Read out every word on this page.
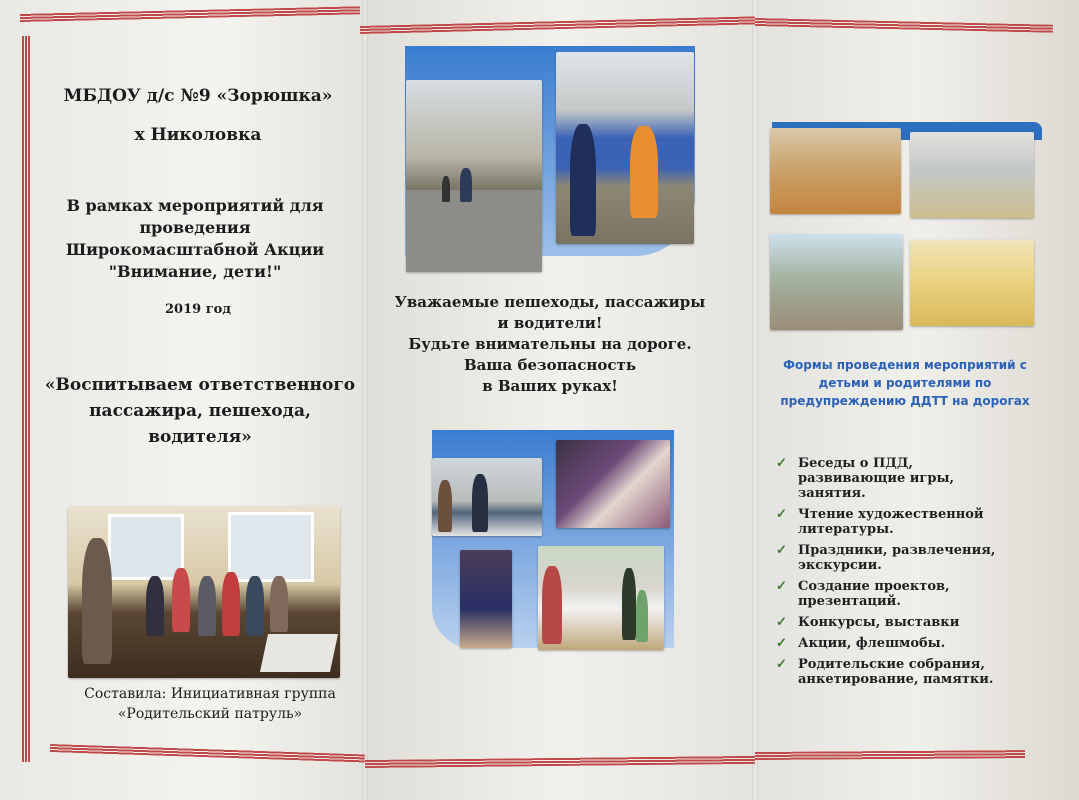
МБДОУ д/с №9 «Зорюшка»
х Николовка
В рамках мероприятий для
проведения
Широкомасштабной Акции
"Внимание, дети!"
2019 год
«Воспитываем ответственного
пассажира, пешехода,
водителя»
Составила: Инициативная группа
«Родительский патруль»
Уважаемые пешеходы, пассажиры
и водители!
Будьте внимательны на дороге.
Ваша безопасность
в Ваших руках!
Формы проведения мероприятий с
детьми и родителями по
предупреждению ДДТТ на дорогах
✓ Беседы о ПДД, развивающие игры, занятия.
✓ Чтение художественной литературы.
✓ Праздники, развлечения, экскурсии.
✓ Создание проектов, презентаций.
✓ Конкурсы, выставки
✓ Акции, флешмобы.
✓ Родительские собрания, анкетирование, памятки.
